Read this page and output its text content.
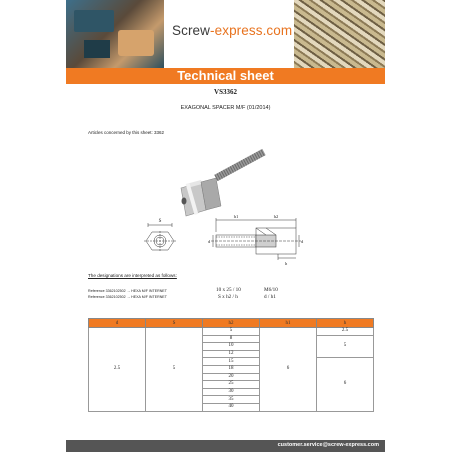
Screw-express.com
Technical sheet
VS3362
EXAGONAL SPACER M/F (01/2014)
Articles concerned by this sheet: 3362
S
h1	h2
d	d
h
The designations are interpreted as follows:
Reference 3362102502 → HEXA M/F INTERNET
Reference 3362102502 → HEXA M/F INTERNET
10 x 25 / 10	M6/10
S x h2 / h	d / h1
d	S	h2	h1	h
2.5	5	5	6	2.5
		8		5
		10		
		12		
		15		6
		18		
		20		
		25		
		30		
		35		
		40		
customer.service@screw-express.com
